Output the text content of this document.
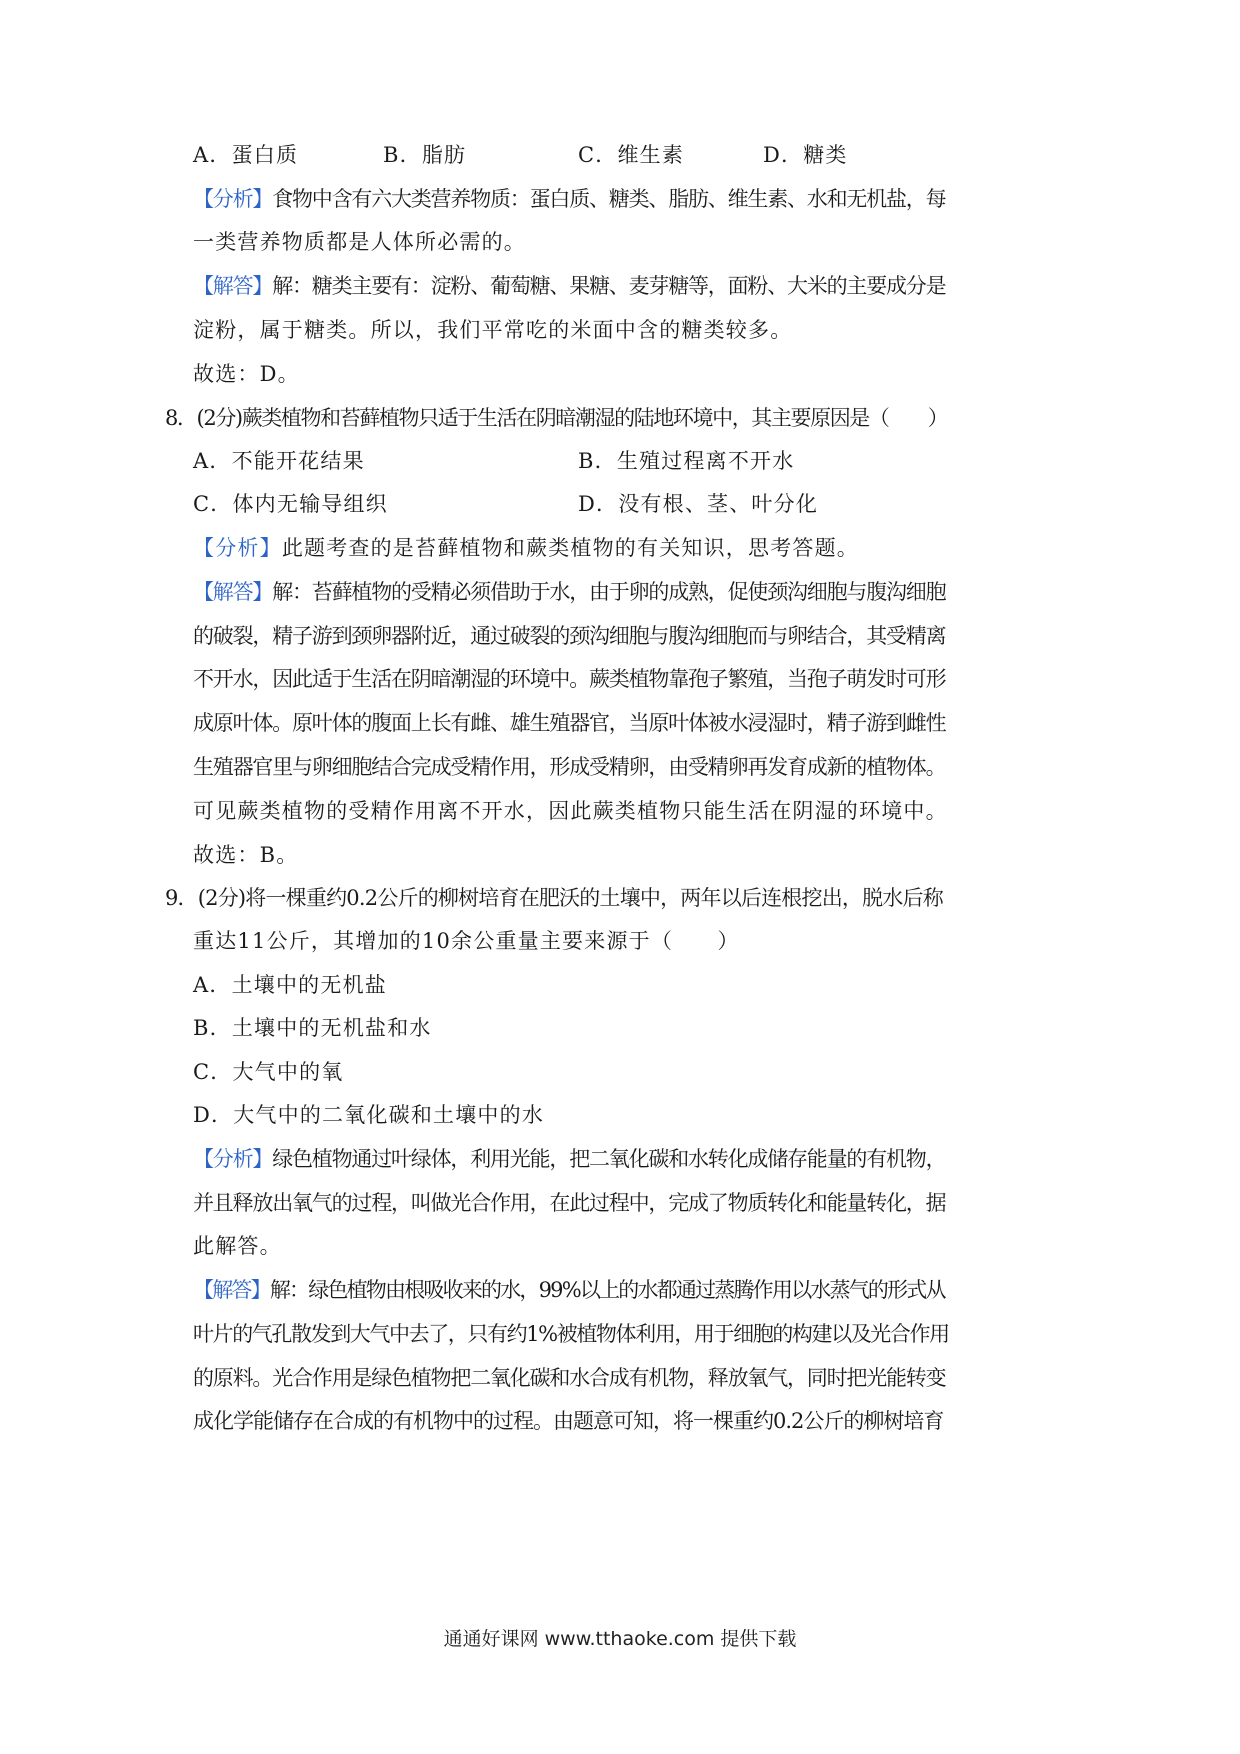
A．蛋白质	B．脂肪	C．维生素	D．糖类
【分析】食物中含有六大类营养物质：蛋白质、糖类、脂肪、维生素、水和无机盐，每
一类营养物质都是人体所必需的。
【解答】解：糖类主要有：淀粉、葡萄糖、果糖、麦芽糖等，面粉、大米的主要成分是
淀粉，属于糖类。所以，我们平常吃的米面中含的糖类较多。
故选：D。
8．(2分)蕨类植物和苔藓植物只适于生活在阴暗潮湿的陆地环境中，其主要原因是（　　）
A．不能开花结果	B．生殖过程离不开水
C．体内无输导组织	D．没有根、茎、叶分化
【分析】此题考查的是苔藓植物和蕨类植物的有关知识，思考答题。
【解答】解：苔藓植物的受精必须借助于水，由于卵的成熟，促使颈沟细胞与腹沟细胞
的破裂，精子游到颈卵器附近，通过破裂的颈沟细胞与腹沟细胞而与卵结合，其受精离
不开水，因此适于生活在阴暗潮湿的环境中。蕨类植物靠孢子繁殖，当孢子萌发时可形
成原叶体。原叶体的腹面上长有雌、雄生殖器官，当原叶体被水浸湿时，精子游到雌性
生殖器官里与卵细胞结合完成受精作用，形成受精卵，由受精卵再发育成新的植物体。
可见蕨类植物的受精作用离不开水，因此蕨类植物只能生活在阴湿的环境中。
故选：B。
9．(2分)将一棵重约0.2公斤的柳树培育在肥沃的土壤中，两年以后连根挖出，脱水后称
重达11公斤，其增加的10余公重量主要来源于（　　）
A．土壤中的无机盐
B．土壤中的无机盐和水
C．大气中的氧
D．大气中的二氧化碳和土壤中的水
【分析】绿色植物通过叶绿体，利用光能，把二氧化碳和水转化成储存能量的有机物，
并且释放出氧气的过程，叫做光合作用，在此过程中，完成了物质转化和能量转化，据
此解答。
【解答】解：绿色植物由根吸收来的水，99%以上的水都通过蒸腾作用以水蒸气的形式从
叶片的气孔散发到大气中去了，只有约1%被植物体利用，用于细胞的构建以及光合作用
的原料。光合作用是绿色植物把二氧化碳和水合成有机物，释放氧气，同时把光能转变
成化学能储存在合成的有机物中的过程。由题意可知，将一棵重约0.2公斤的柳树培育
通通好课网 www.tthaoke.com 提供下载
